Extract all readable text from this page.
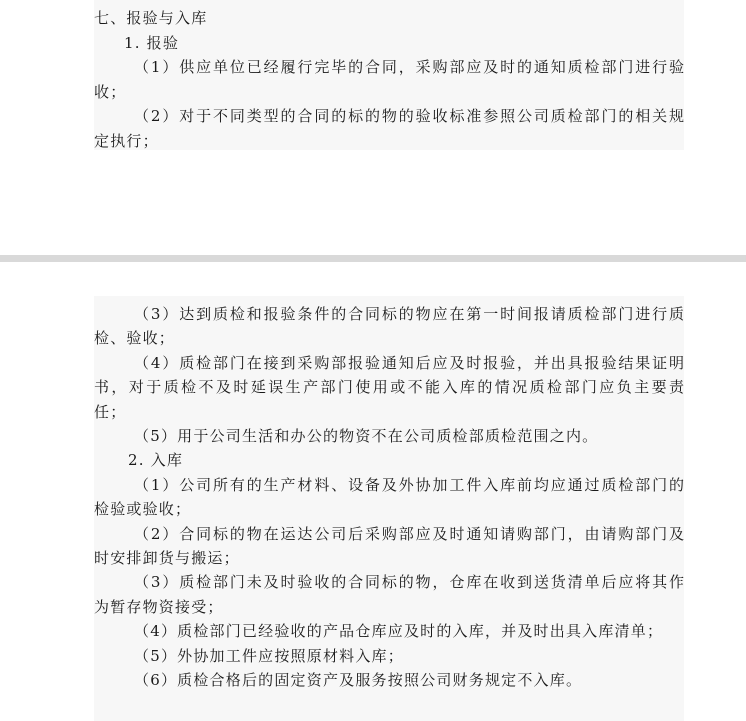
七、报验与入库
1. 报验
（1）供应单位已经履行完毕的合同，采购部应及时的通知质检部门进行验
收；
（2）对于不同类型的合同的标的物的验收标准参照公司质检部门的相关规
定执行；
（3）达到质检和报验条件的合同标的物应在第一时间报请质检部门进行质
检、验收；
（4）质检部门在接到采购部报验通知后应及时报验，并出具报验结果证明
书，对于质检不及时延误生产部门使用或不能入库的情况质检部门应负主要责
任；
（5）用于公司生活和办公的物资不在公司质检部质检范围之内。
2. 入库
（1）公司所有的生产材料、设备及外协加工件入库前均应通过质检部门的
检验或验收；
（2）合同标的物在运达公司后采购部应及时通知请购部门，由请购部门及
时安排卸货与搬运；
（3）质检部门未及时验收的合同标的物，仓库在收到送货清单后应将其作
为暂存物资接受；
（4）质检部门已经验收的产品仓库应及时的入库，并及时出具入库清单；
（5）外协加工件应按照原材料入库；
（6）质检合格后的固定资产及服务按照公司财务规定不入库。
